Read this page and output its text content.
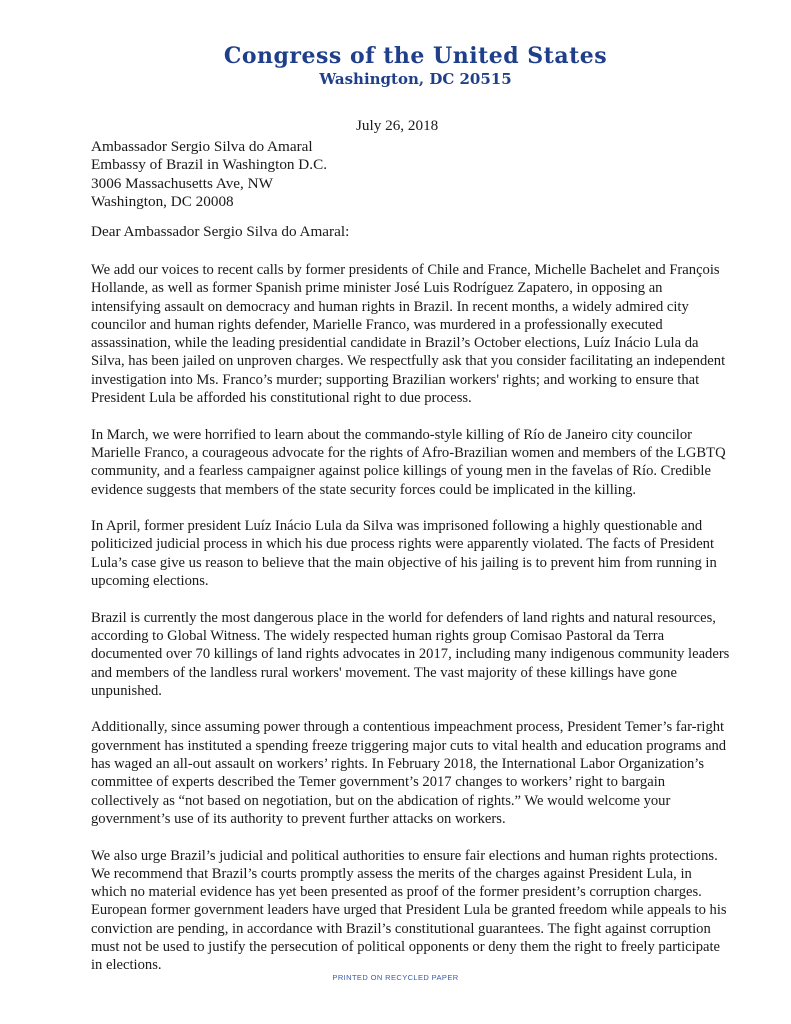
Congress of the United States
Washington, DC 20515
July 26, 2018
Ambassador Sergio Silva do Amaral
Embassy of Brazil in Washington D.C.
3006 Massachusetts Ave, NW
Washington, DC 20008
Dear Ambassador Sergio Silva do Amaral:

We add our voices to recent calls by former presidents of Chile and France, Michelle Bachelet and François Hollande, as well as former Spanish prime minister José Luis Rodríguez Zapatero, in opposing an intensifying assault on democracy and human rights in Brazil. In recent months, a widely admired city councilor and human rights defender, Marielle Franco, was murdered in a professionally executed assassination, while the leading presidential candidate in Brazil’s October elections, Luíz Inácio Lula da Silva, has been jailed on unproven charges. We respectfully ask that you consider facilitating an independent investigation into Ms. Franco’s murder; supporting Brazilian workers' rights; and working to ensure that President Lula be afforded his constitutional right to due process.

In March, we were horrified to learn about the commando-style killing of Río de Janeiro city councilor Marielle Franco, a courageous advocate for the rights of Afro-Brazilian women and members of the LGBTQ community, and a fearless campaigner against police killings of young men in the favelas of Río. Credible evidence suggests that members of the state security forces could be implicated in the killing.

In April, former president Luíz Inácio Lula da Silva was imprisoned following a highly questionable and politicized judicial process in which his due process rights were apparently violated. The facts of President Lula’s case give us reason to believe that the main objective of his jailing is to prevent him from running in upcoming elections.

Brazil is currently the most dangerous place in the world for defenders of land rights and natural resources, according to Global Witness. The widely respected human rights group Comisao Pastoral da Terra documented over 70 killings of land rights advocates in 2017, including many indigenous community leaders and members of the landless rural workers' movement. The vast majority of these killings have gone unpunished.

Additionally, since assuming power through a contentious impeachment process, President Temer’s far-right government has instituted a spending freeze triggering major cuts to vital health and education programs and has waged an all-out assault on workers’ rights. In February 2018, the International Labor Organization’s committee of experts described the Temer government’s 2017 changes to workers’ right to bargain collectively as “not based on negotiation, but on the abdication of rights.” We would welcome your government’s use of its authority to prevent further attacks on workers.

We also urge Brazil’s judicial and political authorities to ensure fair elections and human rights protections. We recommend that Brazil’s courts promptly assess the merits of the charges against President Lula, in which no material evidence has yet been presented as proof of the former president’s corruption charges. European former government leaders have urged that President Lula be granted freedom while appeals to his conviction are pending, in accordance with Brazil’s constitutional guarantees. The fight against corruption must not be used to justify the persecution of political opponents or deny them the right to freely participate in elections.

PRINTED ON RECYCLED PAPER
